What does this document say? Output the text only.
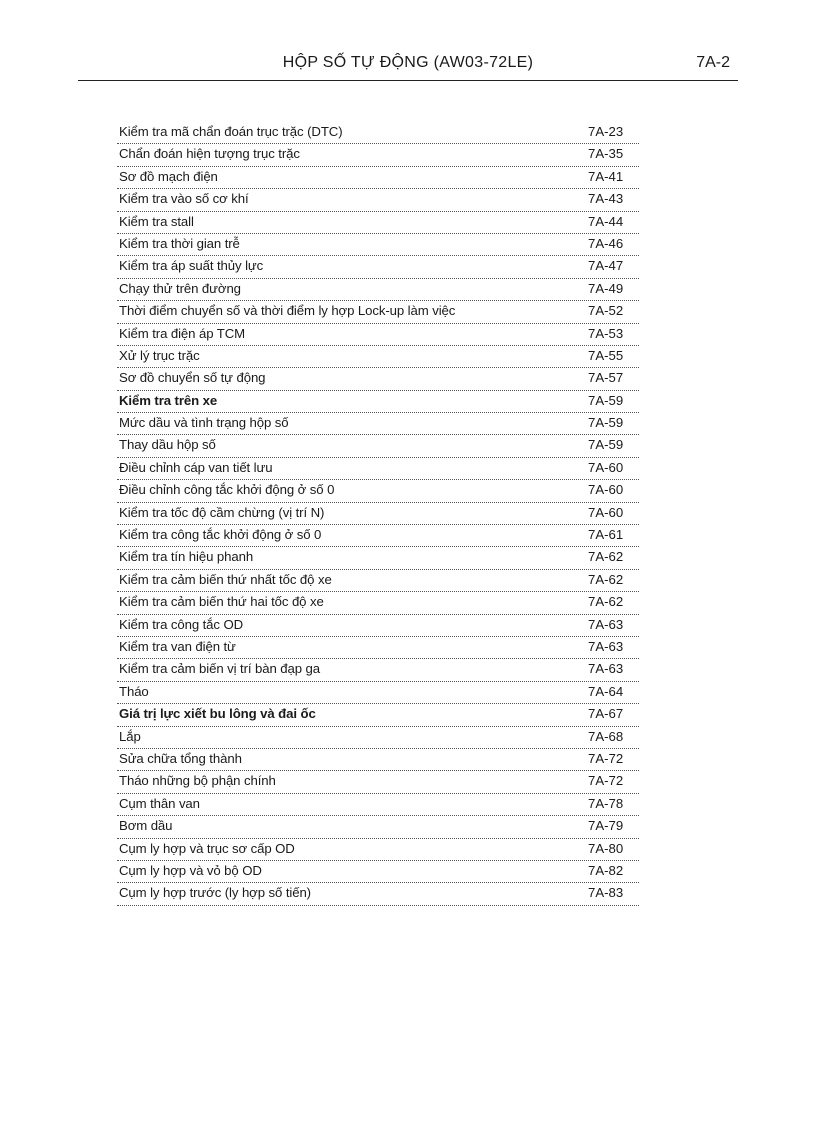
HỘP SỐ TỰ ĐỘNG (AW03-72LE)	7A-2
Kiểm tra mã chẩn đoán trục trặc (DTC)	7A-23
Chẩn đoán hiện tượng trục trặc	7A-35
Sơ đồ mạch điện	7A-41
Kiểm tra vào số cơ khí	7A-43
Kiểm tra stall	7A-44
Kiểm tra thời gian trễ	7A-46
Kiểm tra áp suất thủy lực	7A-47
Chạy thử trên đường	7A-49
Thời điểm chuyển số và thời điểm ly hợp Lock-up làm việc	7A-52
Kiểm tra điện áp TCM	7A-53
Xử lý trục trặc	7A-55
Sơ đồ chuyển số tự động	7A-57
Kiểm tra trên xe	7A-59
Mức dầu và tình trạng hộp số	7A-59
Thay dầu hộp số	7A-59
Điều chỉnh cáp van tiết lưu	7A-60
Điều chỉnh công tắc khởi động ở số 0	7A-60
Kiểm tra tốc độ cầm chừng (vị trí N)	7A-60
Kiểm tra công tắc khởi động ở số 0	7A-61
Kiểm tra tín hiệu phanh	7A-62
Kiểm tra cảm biến thứ nhất tốc độ xe	7A-62
Kiểm tra cảm biến thứ hai tốc độ xe	7A-62
Kiểm tra công tắc OD	7A-63
Kiểm tra van điện từ	7A-63
Kiểm tra cảm biến vị trí bàn đạp ga	7A-63
Tháo	7A-64
Giá trị lực xiết bu lông và đai ốc	7A-67
Lắp	7A-68
Sửa chữa tổng thành	7A-72
Tháo những bộ phận chính	7A-72
Cụm thân van	7A-78
Bơm dầu	7A-79
Cụm ly hợp và trục sơ cấp OD	7A-80
Cụm ly hợp và vỏ bộ OD	7A-82
Cụm ly hợp trước (ly hợp số tiến)	7A-83
